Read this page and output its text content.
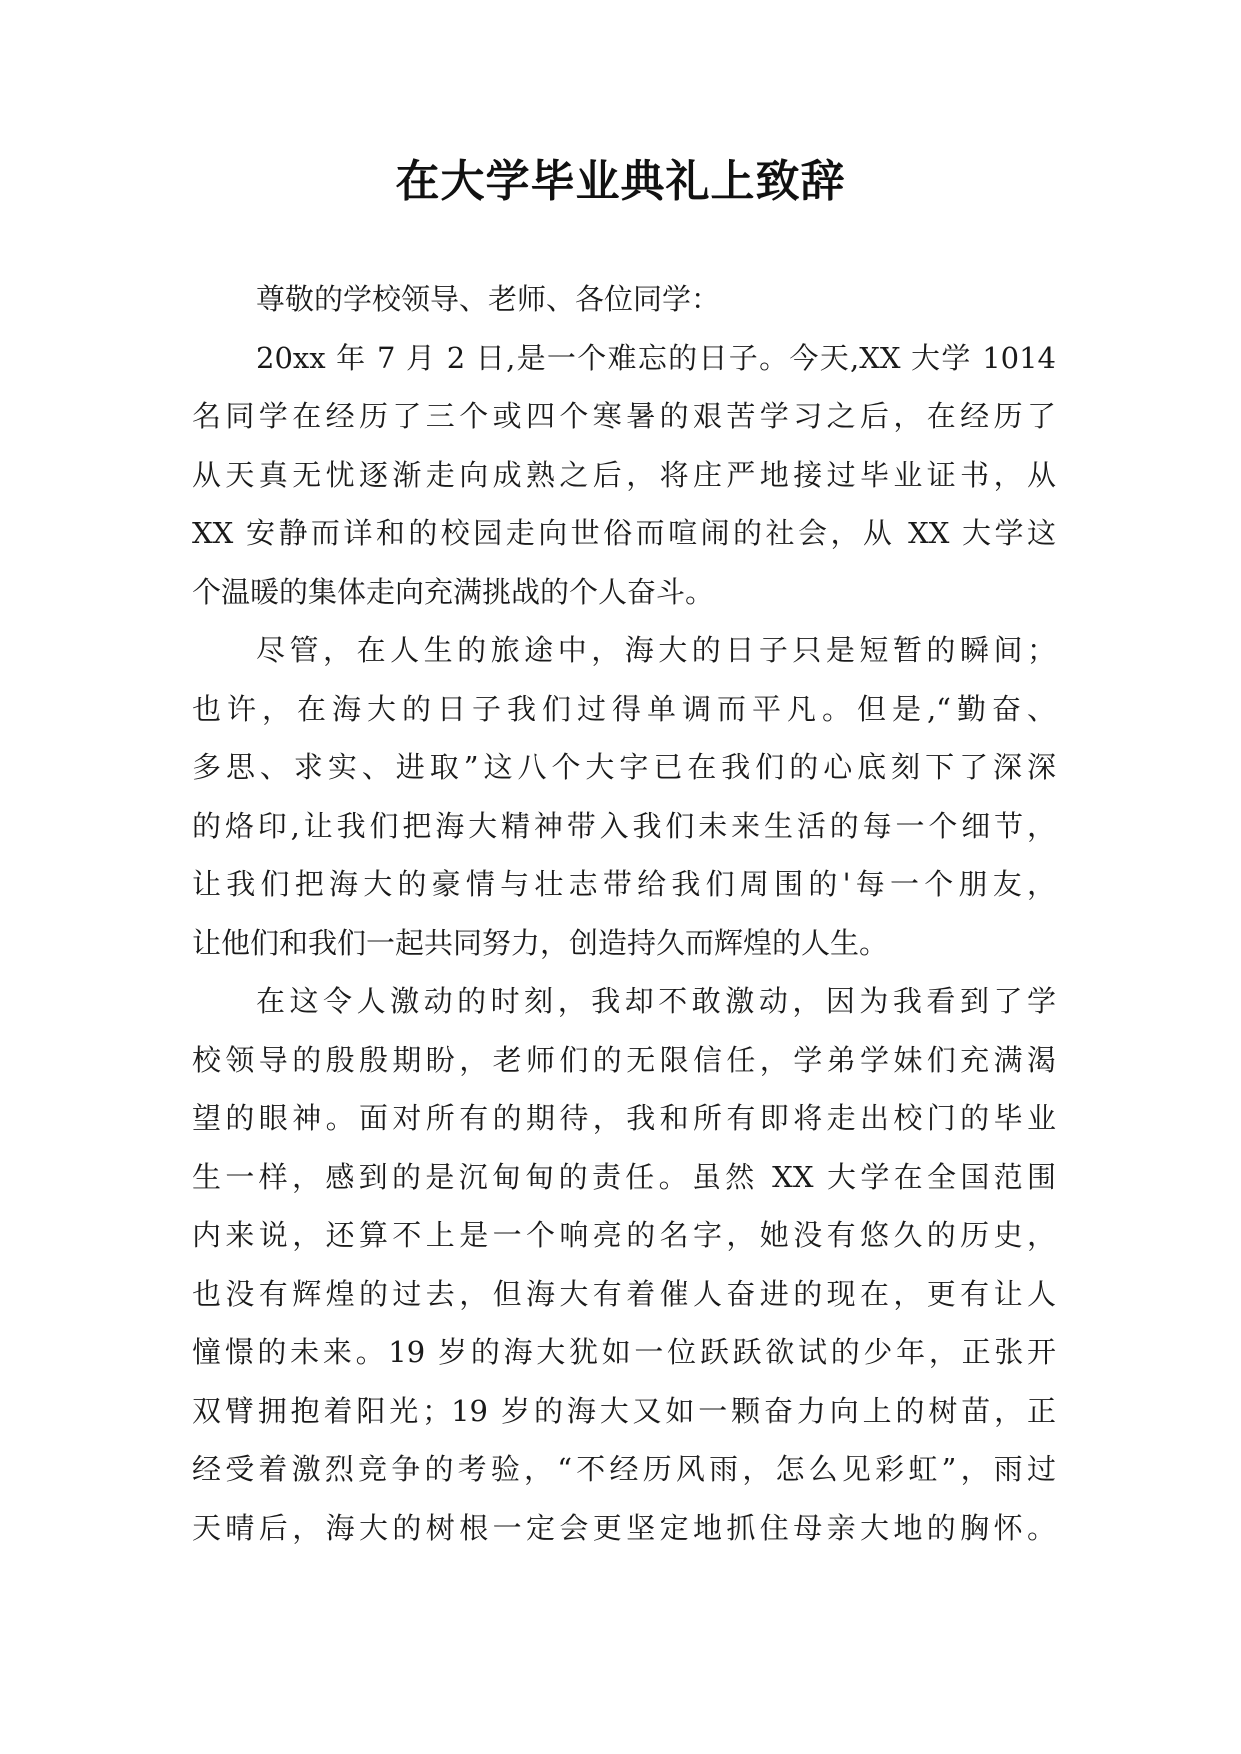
在大学毕业典礼上致辞
尊敬的学校领导、老师、各位同学：
20xx 年 7 月 2 日,是一个难忘的日子。今天,XX 大学 1014
名同学在经历了三个或四个寒暑的艰苦学习之后，在经历了
从天真无忧逐渐走向成熟之后，将庄严地接过毕业证书，从
XX 安静而详和的校园走向世俗而喧闹的社会，从 XX 大学这
个温暖的集体走向充满挑战的个人奋斗。
尽管，在人生的旅途中，海大的日子只是短暂的瞬间；
也许，在海大的日子我们过得单调而平凡。但是,“勤奋、
多思、求实、进取”这八个大字已在我们的心底刻下了深深
的烙印,让我们把海大精神带入我们未来生活的每一个细节，
让我们把海大的豪情与壮志带给我们周围的'每一个朋友，
让他们和我们一起共同努力，创造持久而辉煌的人生。
在这令人激动的时刻，我却不敢激动，因为我看到了学
校领导的殷殷期盼，老师们的无限信任，学弟学妹们充满渴
望的眼神。面对所有的期待，我和所有即将走出校门的毕业
生一样，感到的是沉甸甸的责任。虽然 XX 大学在全国范围
内来说，还算不上是一个响亮的名字，她没有悠久的历史，
也没有辉煌的过去，但海大有着催人奋进的现在，更有让人
憧憬的未来。19 岁的海大犹如一位跃跃欲试的少年，正张开
双臂拥抱着阳光；19 岁的海大又如一颗奋力向上的树苗，正
经受着激烈竞争的考验，“不经历风雨，怎么见彩虹”，雨过
天晴后，海大的树根一定会更坚定地抓住母亲大地的胸怀。
